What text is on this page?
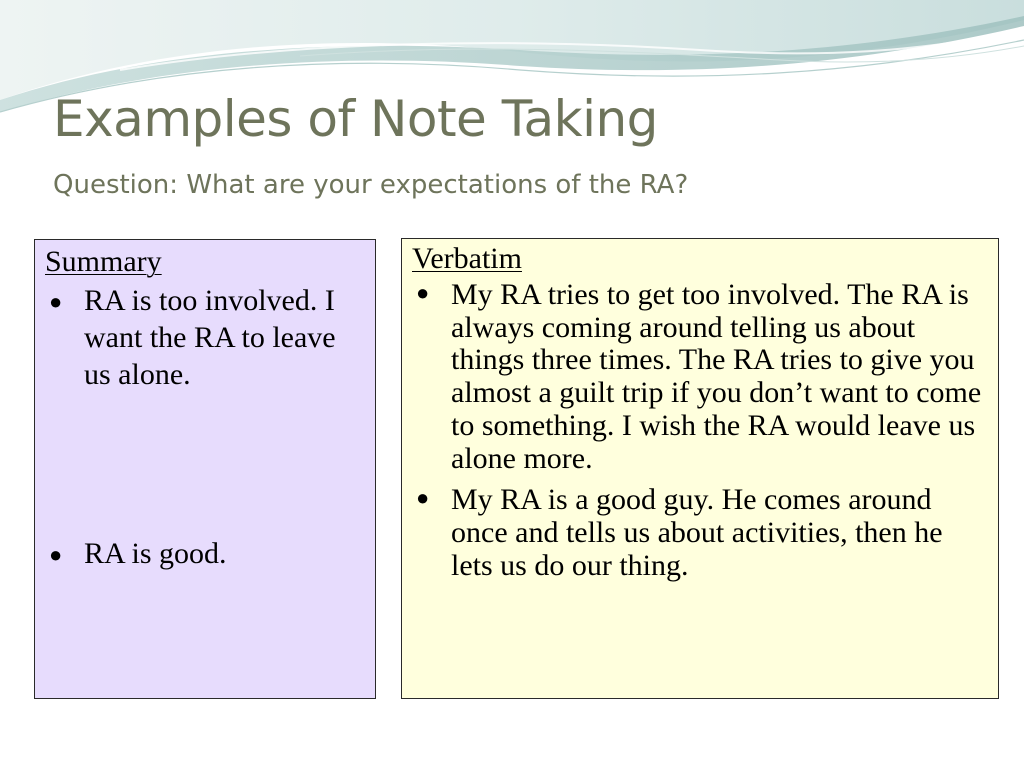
Examples of Note Taking
Question: What are your expectations of the RA?
Summary
● RA is too involved. I want the RA to leave us alone.
● RA is good.
Verbatim
● My RA tries to get too involved. The RA is always coming around telling us about things three times. The RA tries to give you almost a guilt trip if you don’t want to come to something. I wish the RA would leave us alone more.
● My RA is a good guy. He comes around once and tells us about activities, then he lets us do our thing.
